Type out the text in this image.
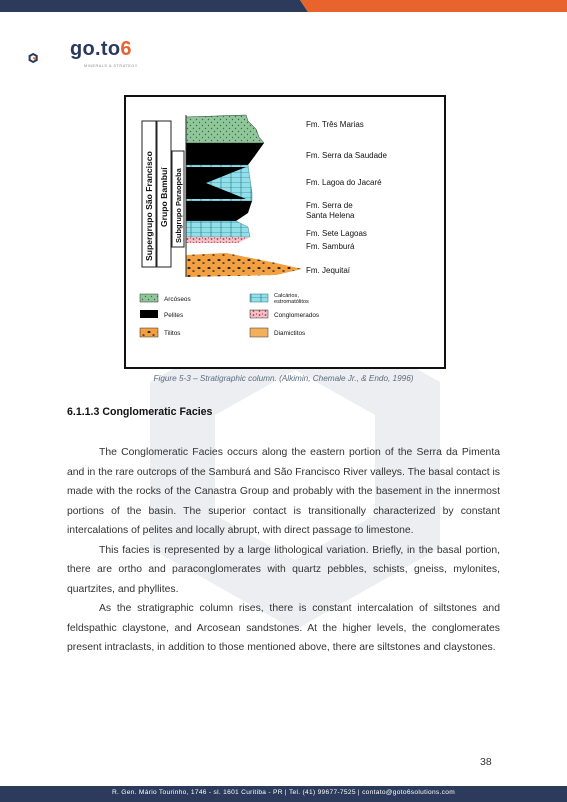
go.to6
MINERALS & STRATEGY
Supergrupo São Francisco Grupo Bambuí Subgrupo Paraopeba
Fm. Três Marias
Fm. Serra da Saudade
Fm. Lagoa do Jacaré
Fm. Serra de
Santa Helena
Fm. Sete Lagoas
Fm. Samburá
Fm. Jequitaí
Arcóseos
Pelites
Tilitos
Calcários,
estromatólitos
Conglomerados
Diamictitos
Figure 5-3 – Stratigraphic column. (Alkimin, Chemale Jr., & Endo, 1996)
6.1.1.3 Conglomeratic Facies

The Conglomeratic Facies occurs along the eastern portion of the Serra da Pimenta and in the rare outcrops of the Samburá and São Francisco River valleys. The basal contact is made with the rocks of the Canastra Group and probably with the basement in the innermost portions of the basin. The superior contact is transitionally characterized by constant intercalations of pelites and locally abrupt, with direct passage to limestone.

This facies is represented by a large lithological variation. Briefly, in the basal portion, there are ortho and paraconglomerates with quartz pebbles, schists, gneiss, mylonites, quartzites, and phyllites.

As the stratigraphic column rises, there is constant intercalation of siltstones and feldspathic claystone, and Arcosean sandstones. At the higher levels, the conglomerates present intraclasts, in addition to those mentioned above, there are siltstones and claystones.

38
R. Gen. Mário Tourinho, 1746 - sl. 1601 Curitiba - PR | Tel. (41) 99677-7525 | contato@goto6solutions.com
